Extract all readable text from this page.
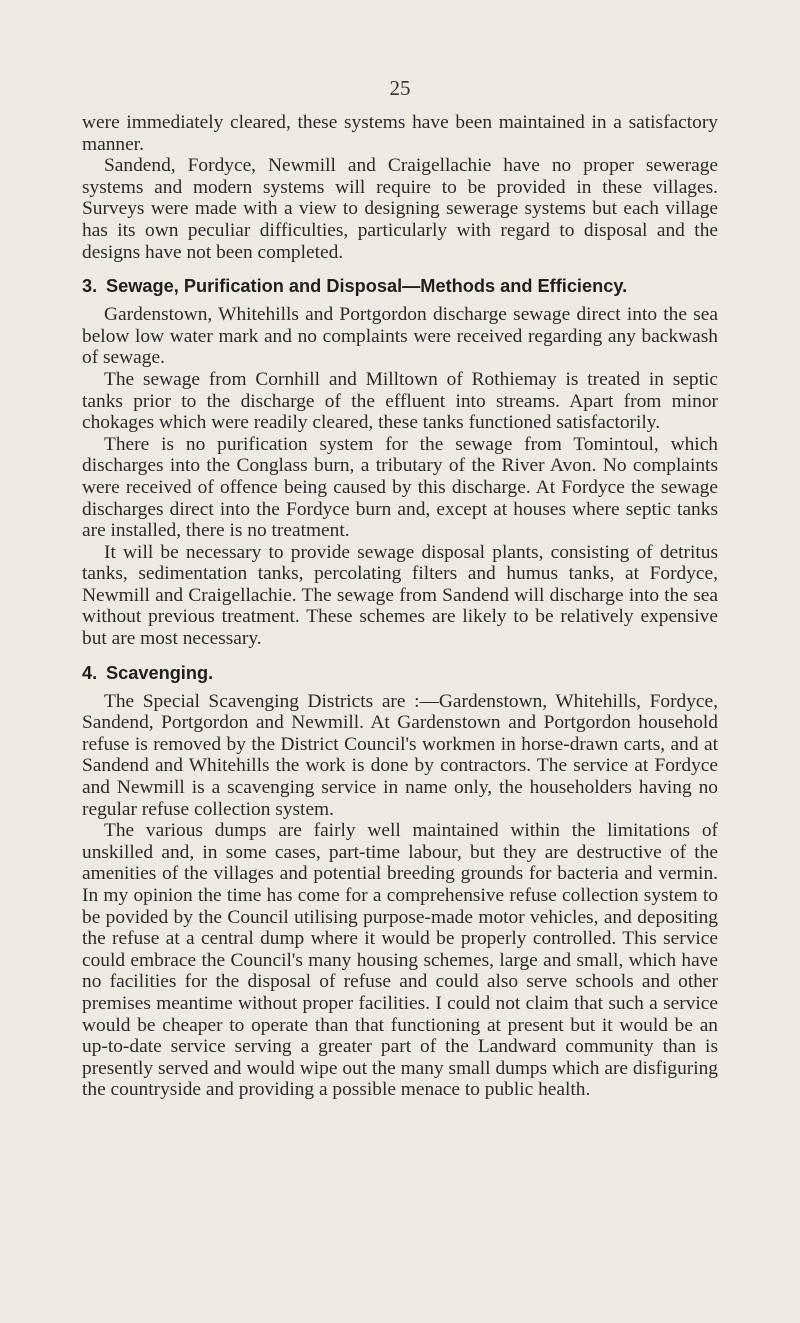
25

were immediately cleared, these systems have been maintained in a satisfactory manner.

Sandend, Fordyce, Newmill and Craigellachie have no proper sewerage systems and modern systems will require to be provided in these villages. Surveys were made with a view to designing sewerage systems but each village has its own peculiar difficulties, particularly with regard to disposal and the designs have not been completed.

3. Sewage, Purification and Disposal—Methods and Efficiency.

Gardenstown, Whitehills and Portgordon discharge sewage direct into the sea below low water mark and no complaints were received regarding any backwash of sewage.

The sewage from Cornhill and Milltown of Rothiemay is treated in septic tanks prior to the discharge of the effluent into streams. Apart from minor chokages which were readily cleared, these tanks functioned satisfactorily.

There is no purification system for the sewage from Tomintoul, which discharges into the Conglass burn, a tributary of the River Avon. No complaints were received of offence being caused by this discharge. At Fordyce the sewage discharges direct into the Fordyce burn and, except at houses where septic tanks are installed, there is no treatment.

It will be necessary to provide sewage disposal plants, consisting of detritus tanks, sedimentation tanks, percolating filters and humus tanks, at Fordyce, Newmill and Craigellachie. The sewage from Sandend will discharge into the sea without previous treatment. These schemes are likely to be relatively expensive but are most necessary.

4. Scavenging.

The Special Scavenging Districts are :—Gardenstown, Whitehills, Fordyce, Sandend, Portgordon and Newmill. At Gardenstown and Portgordon household refuse is removed by the District Council's workmen in horse-drawn carts, and at Sandend and Whitehills the work is done by contractors. The service at Fordyce and Newmill is a scavenging service in name only, the householders having no regular refuse collection system.

The various dumps are fairly well maintained within the limitations of unskilled and, in some cases, part-time labour, but they are destructive of the amenities of the villages and potential breeding grounds for bacteria and vermin. In my opinion the time has come for a comprehensive refuse collection system to be povided by the Council utilising purpose-made motor vehicles, and depositing the refuse at a central dump where it would be properly controlled. This service could embrace the Council's many housing schemes, large and small, which have no facilities for the disposal of refuse and could also serve schools and other premises meantime without proper facilities. I could not claim that such a service would be cheaper to operate than that functioning at present but it would be an up-to-date service serving a greater part of the Landward community than is presently served and would wipe out the many small dumps which are disfiguring the countryside and providing a possible menace to public health.
